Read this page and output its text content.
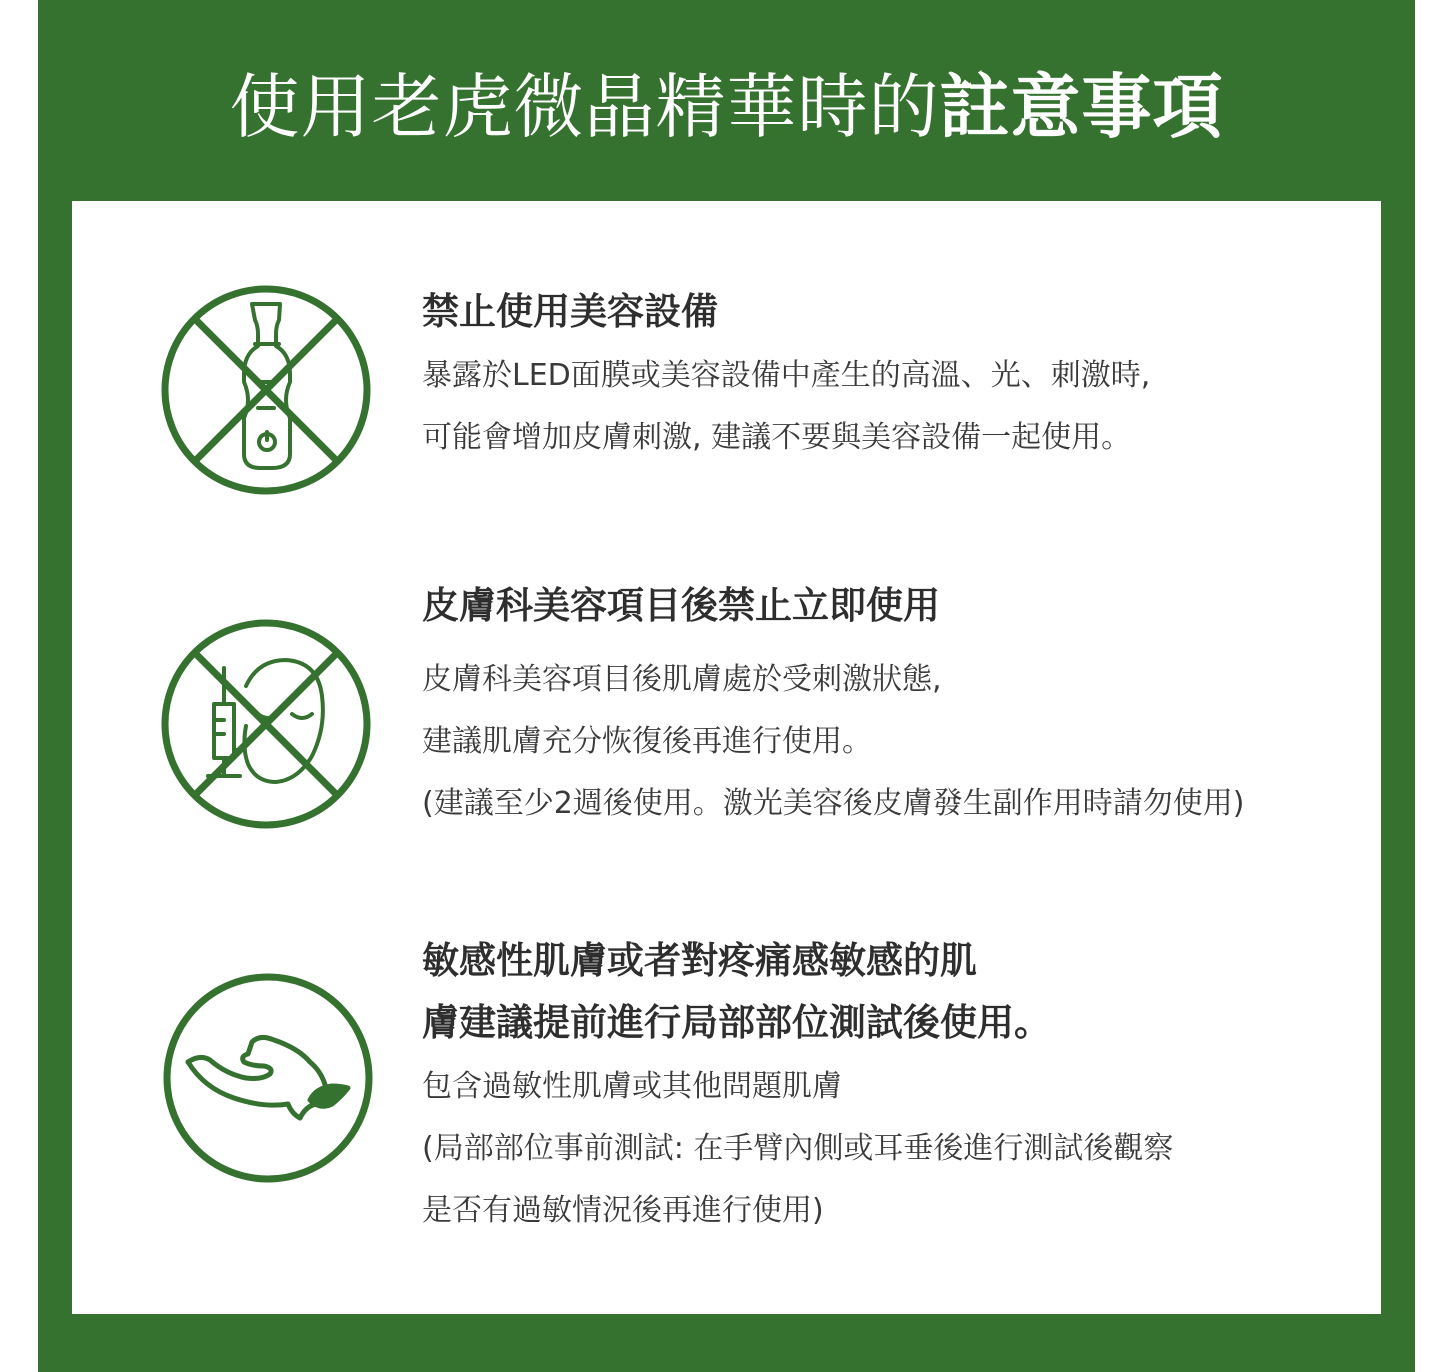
使用老虎微晶精華時的註意事項
禁止使用美容設備
暴露於LED面膜或美容設備中產生的高溫、光、刺激時,
可能會增加皮膚刺激, 建議不要與美容設備一起使用。
皮膚科美容項目後禁止立即使用
皮膚科美容項目後肌膚處於受刺激狀態,
建議肌膚充分恢復後再進行使用。
(建議至少2週後使用。激光美容後皮膚發生副作用時請勿使用)
敏感性肌膚或者對疼痛感敏感的肌
膚建議提前進行局部部位測試後使用。
包含過敏性肌膚或其他問題肌膚
(局部部位事前測試: 在手臂內側或耳垂後進行測試後觀察
是否有過敏情況後再進行使用)
